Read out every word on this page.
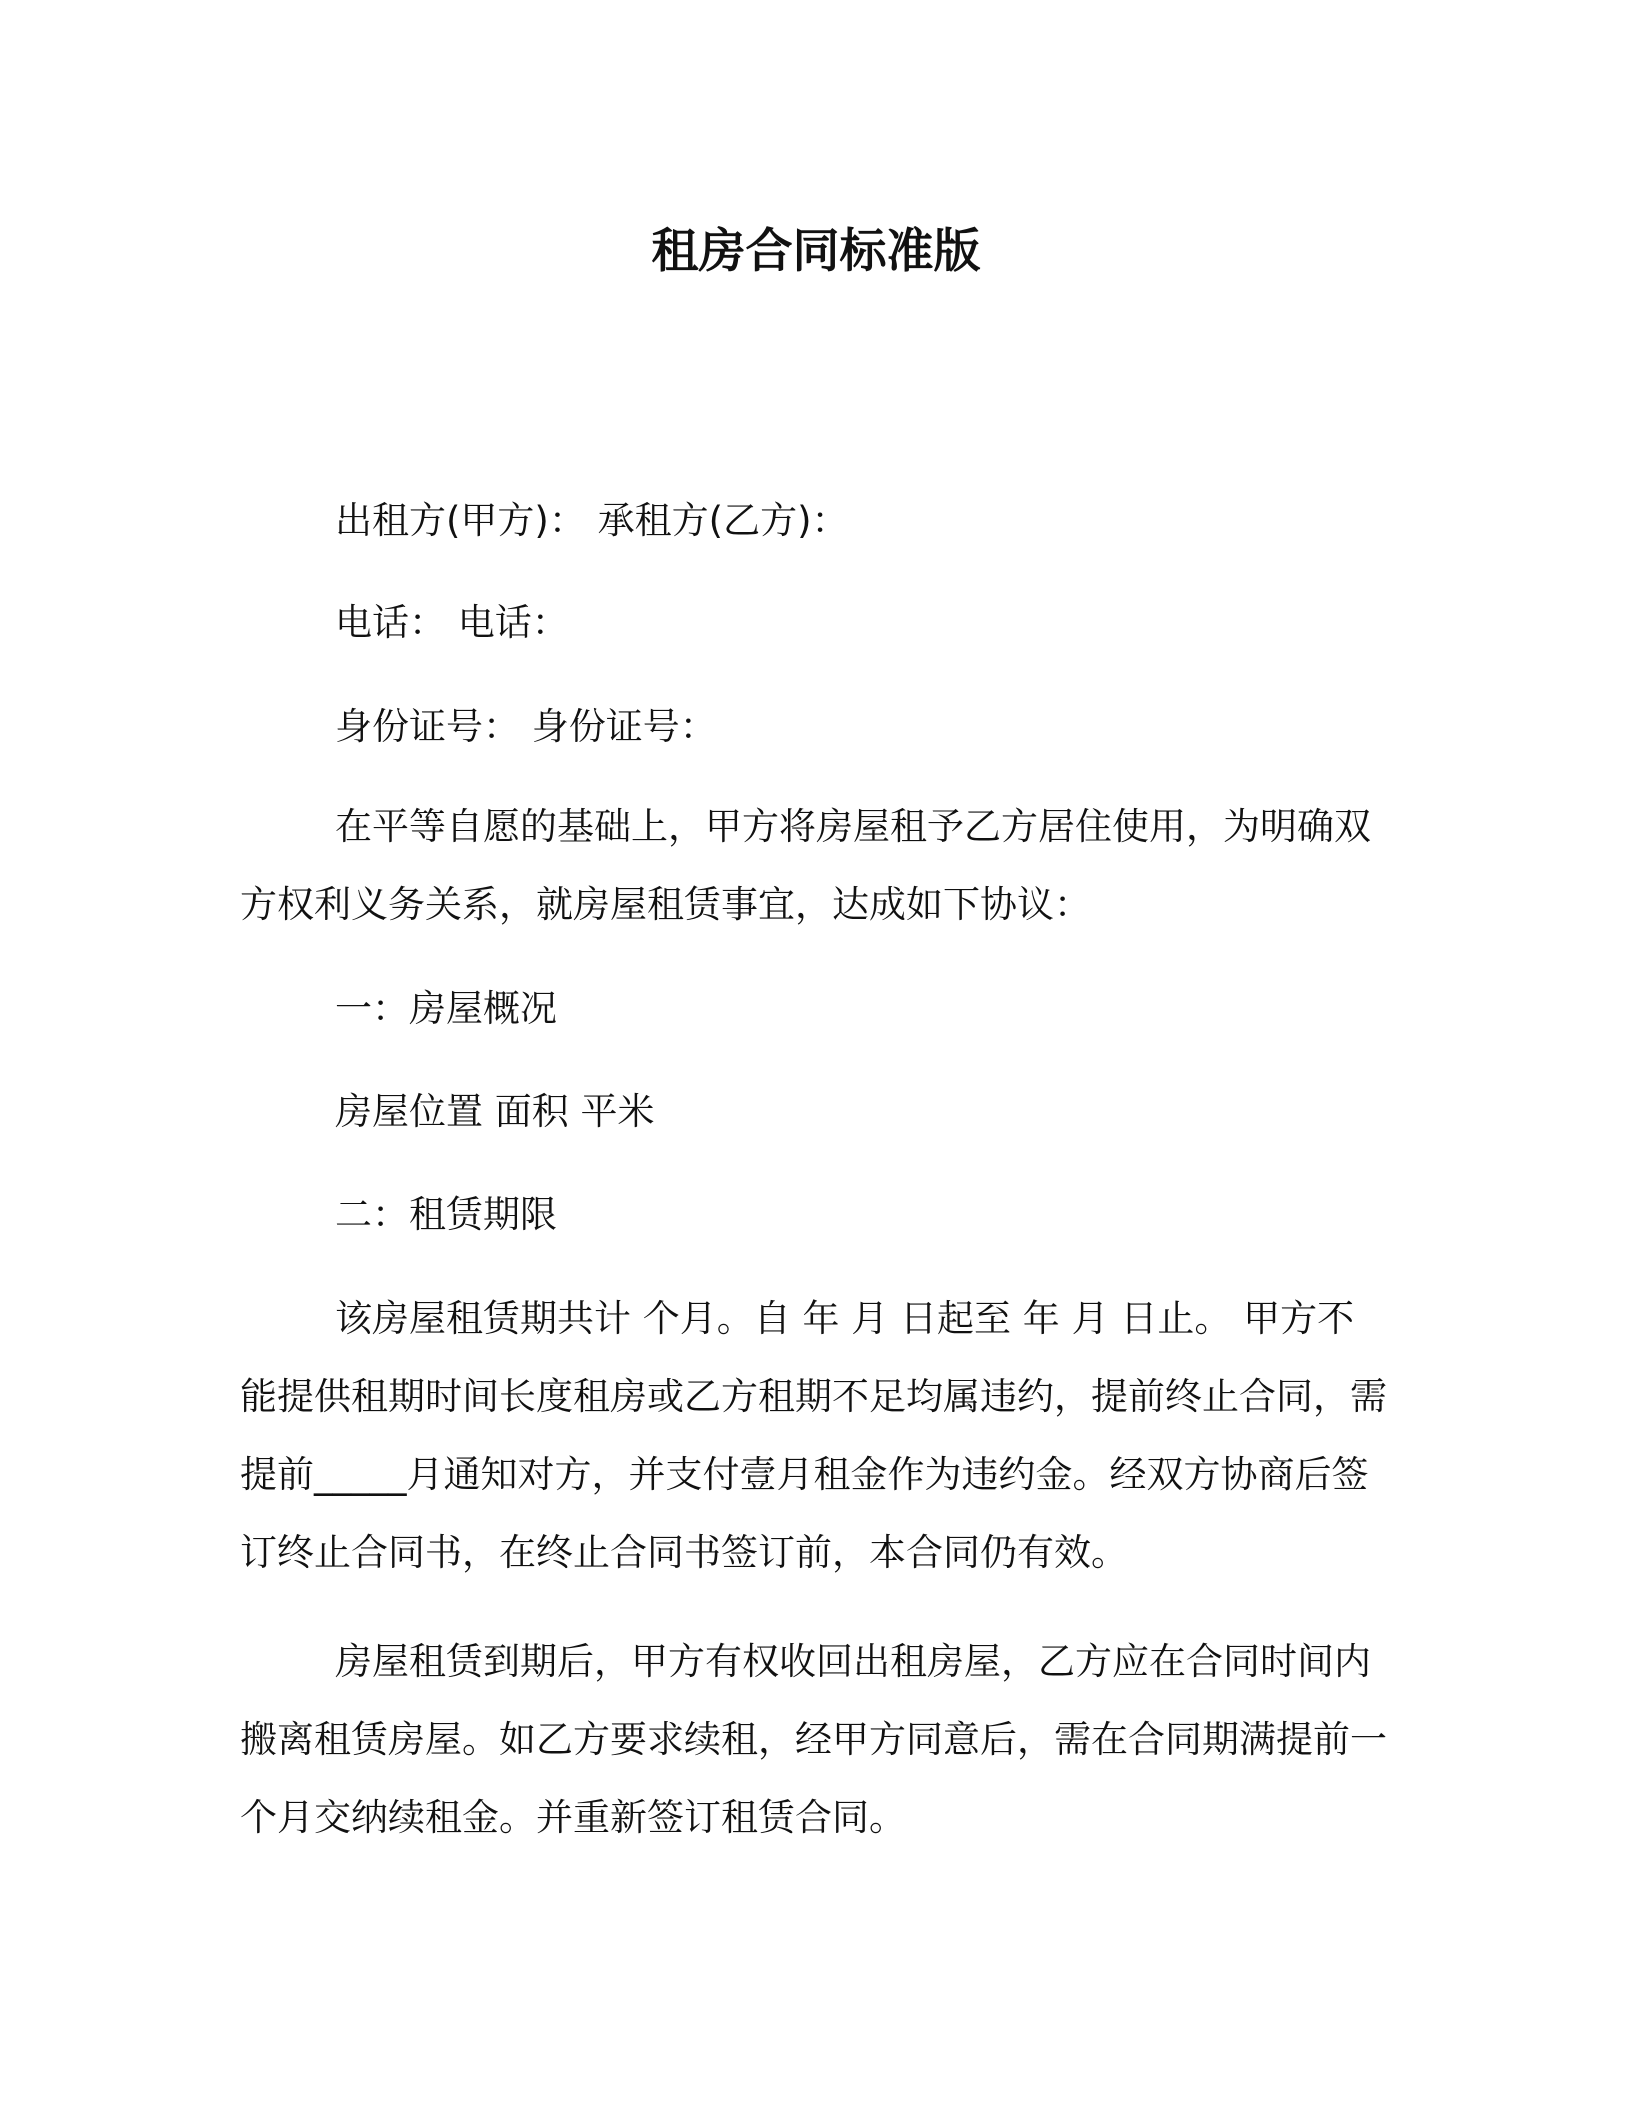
租房合同标准版

出租方(甲方)： 承租方(乙方)：

电话： 电话：

身份证号： 身份证号：

在平等自愿的基础上，甲方将房屋租予乙方居住使用，为明确双方权利义务关系，就房屋租赁事宜，达成如下协议：

一：房屋概况

房屋位置 面积 平米

二：租赁期限

该房屋租赁期共计 个月。自 年 月 日起至 年 月 日止。 甲方不能提供租期时间长度租房或乙方租期不足均属违约，提前终止合同，需提前_____月通知对方，并支付壹月租金作为违约金。经双方协商后签订终止合同书，在终止合同书签订前，本合同仍有效。

房屋租赁到期后，甲方有权收回出租房屋，乙方应在合同时间内搬离租赁房屋。如乙方要求续租，经甲方同意后，需在合同期满提前一个月交纳续租金。并重新签订租赁合同。
